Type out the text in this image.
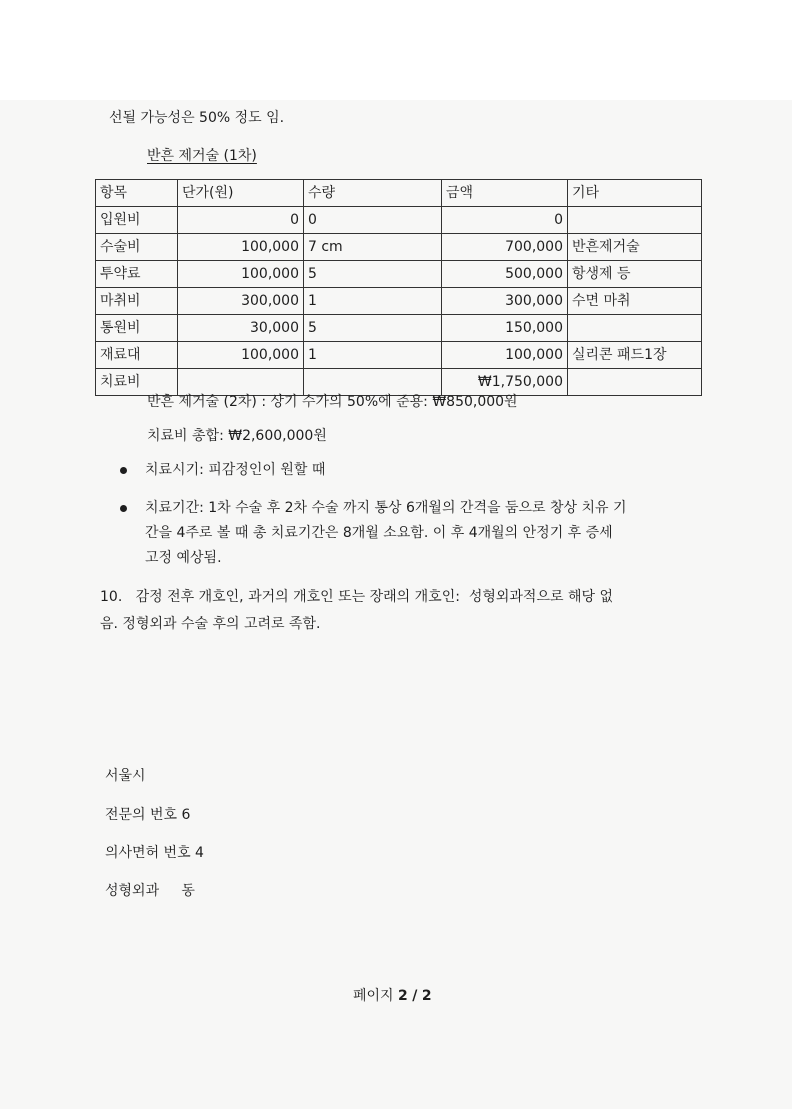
선될 가능성은 50% 정도 임.
반흔 제거술 (1차)
항목	단가(원)	수량	금액	기타
입원비	0	0	0	
수술비	100,000	7 cm	700,000	반흔제거술
투약료	100,000	5	500,000	항생제 등
마취비	300,000	1	300,000	수면 마취
통원비	30,000	5	150,000	
재료대	100,000	1	100,000	실리콘 패드1장
치료비			₩1,750,000	
반흔 제거술 (2차) : 상기 수가의 50%에 준용: ₩850,000원
치료비 총합: ₩2,600,000원
치료시기: 피감정인이 원할 때
치료기간: 1차 수술 후 2차 수술 까지 통상 6개월의 간격을 둠으로 창상 치유 기
간을 4주로 볼 때 총 치료기간은 8개월 소요함. 이 후 4개월의 안정기 후 증세
고정 예상됨.
10.   감정 전후 개호인, 과거의 개호인 또는 장래의 개호인:  성형외과적으로 해당 없
음. 정형외과 수술 후의 고려로 족함.
서울시
전문의 번호 6
의사면허 번호 4
성형외과     동
페이지 2 / 2
